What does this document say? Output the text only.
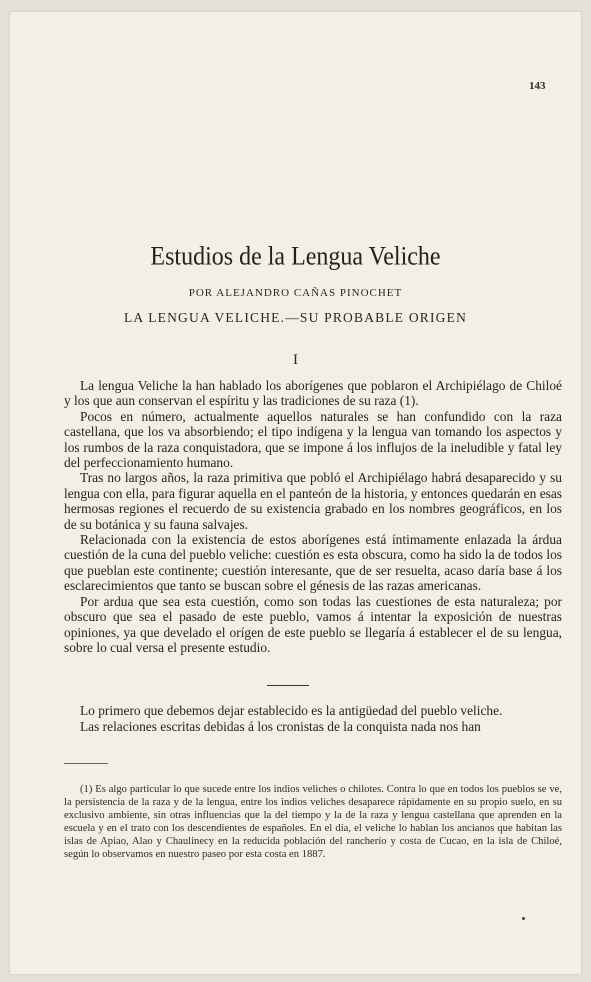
143
Estudios de la Lengua Veliche
POR ALEJANDRO CAÑAS PINOCHET
LA LENGUA VELICHE.—SU PROBABLE ORIGEN
I

La lengua Veliche la han hablado los aborígenes que poblaron el Archipiélago de Chiloé y los que aun conservan el espíritu y las tradiciones de su raza (1).

Pocos en número, actualmente aquellos naturales se han confundido con la raza castellana, que los va absorbiendo; el tipo indígena y la lengua van tomando los aspectos y los rumbos de la raza conquistadora, que se impone á los influjos de la ineludible y fatal ley del perfeccionamiento humano.

Tras no largos años, la raza primitiva que pobló el Archipiélago habrá desaparecido y su lengua con ella, para figurar aquella en el panteón de la historia, y entonces quedarán en esas hermosas regiones el recuerdo de su existencia grabado en los nombres geográficos, en los de su botánica y su fauna salvajes.

Relacionada con la existencia de estos aborígenes está íntimamente enlazada la árdua cuestión de la cuna del pueblo veliche: cuestión es esta obscura, como ha sido la de todos los que pueblan este continente; cuestión interesante, que de ser resuelta, acaso daría base á los esclarecimientos que tanto se buscan sobre el génesis de las razas americanas.

Por ardua que sea esta cuestión, como son todas las cuestiones de esta naturaleza; por obscuro que sea el pasado de este pueblo, vamos á intentar la exposición de nuestras opiniones, ya que develado el orígen de este pueblo se llegaría á establecer el de su lengua, sobre lo cual versa el presente estudio.

Lo primero que debemos dejar establecido es la antigüedad del pueblo veliche.

Las relaciones escritas debidas á los cronistas de la conquista nada nos han

(1) Es algo particular lo que sucede entre los indios veliches o chilotes. Contra lo que en todos los pueblos se ve, la persistencia de la raza y de la lengua, entre los indios veliches desaparece rápidamente en su propio suelo, en su exclusivo ambiente, sin otras influencias que la del tiempo y la de la raza y lengua castellana que aprenden en la escuela y en el trato con los descendientes de españoles. En el día, el veliche lo hablan los ancianos que habitan las islas de Apiao, Alao y Chaulinecy en la reducida población del rancherío y costa de Cucao, en la isla de Chiloé, según lo observamos en nuestro paseo por esta costa en 1887.
